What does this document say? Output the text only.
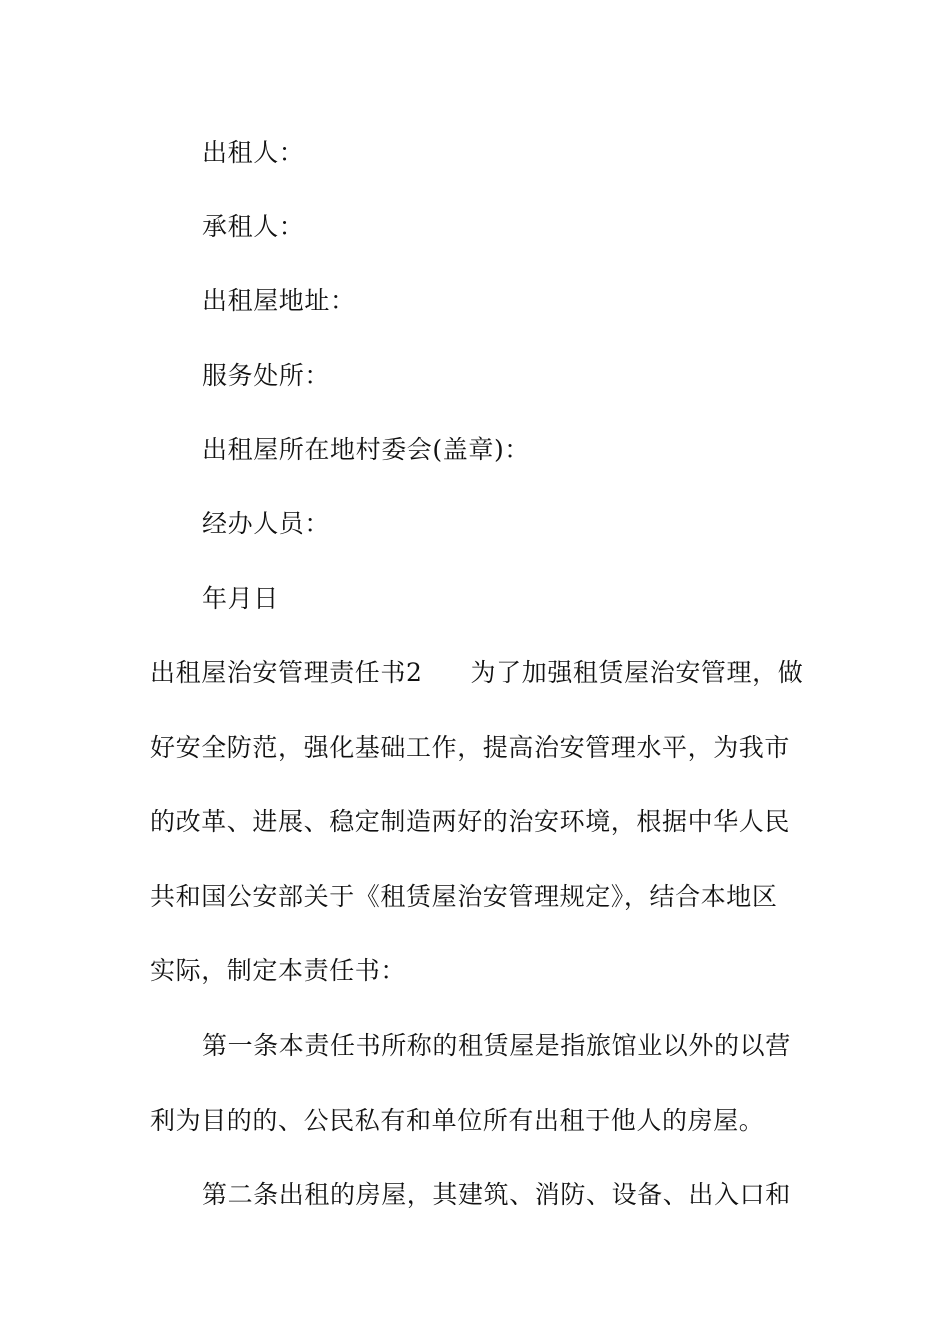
出租人：
承租人：
出租屋地址：
服务处所：
出租屋所在地村委会(盖章)：
经办人员：
年月日
出租屋治安管理责任书2 为了加强租赁屋治安管理，做
好安全防范，强化基础工作，提高治安管理水平，为我市
的改革、进展、稳定制造两好的治安环境，根据中华人民
共和国公安部关于《租赁屋治安管理规定》，结合本地区
实际，制定本责任书：
第一条本责任书所称的租赁屋是指旅馆业以外的以营
利为目的的、公民私有和单位所有出租于他人的房屋。
第二条出租的房屋，其建筑、消防、设备、出入口和
